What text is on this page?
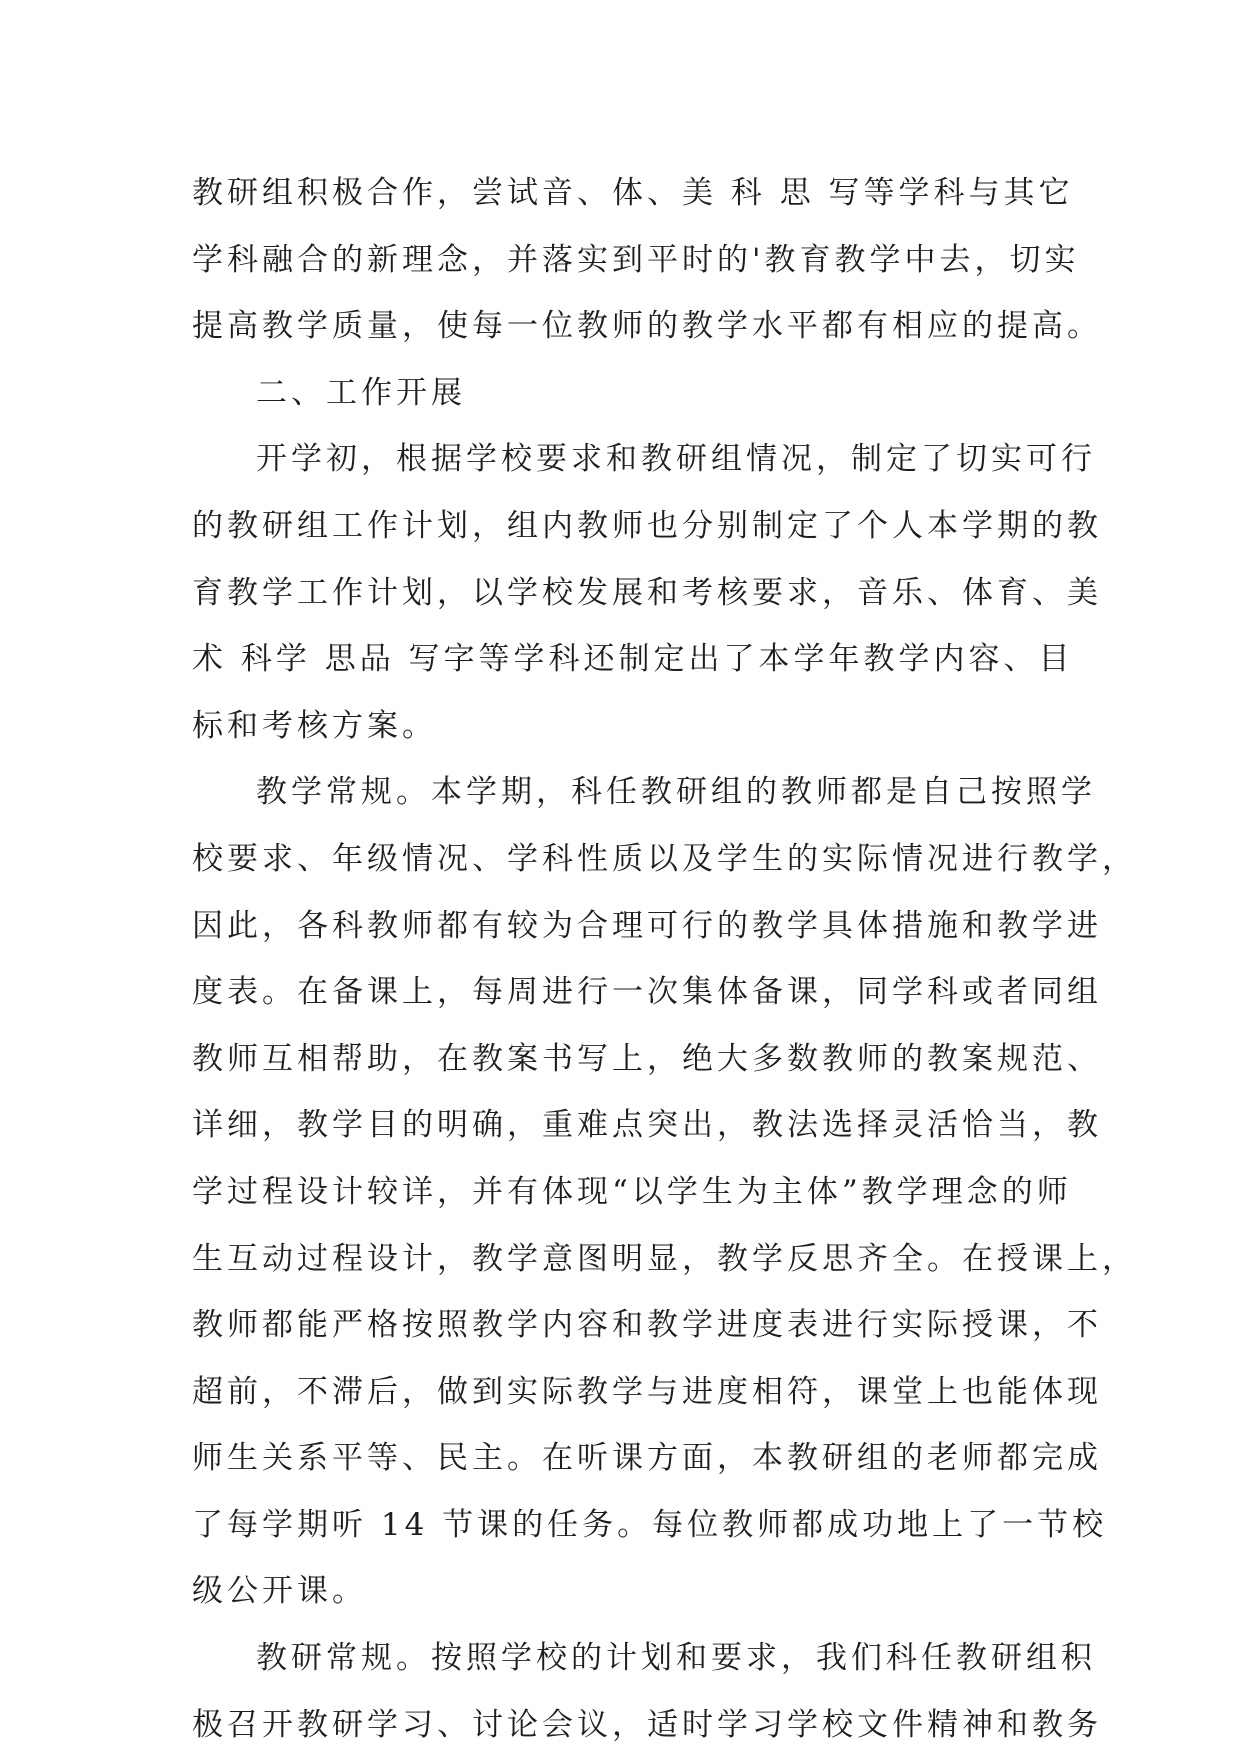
教研组积极合作，尝试音、体、美 科 思 写等学科与其它
学科融合的新理念，并落实到平时的'教育教学中去，切实
提高教学质量，使每一位教师的教学水平都有相应的提高。
二、工作开展
开学初，根据学校要求和教研组情况，制定了切实可行
的教研组工作计划，组内教师也分别制定了个人本学期的教
育教学工作计划，以学校发展和考核要求，音乐、体育、美
术 科学 思品 写字等学科还制定出了本学年教学内容、目
标和考核方案。
教学常规。本学期，科任教研组的教师都是自己按照学
校要求、年级情况、学科性质以及学生的实际情况进行教学，
因此，各科教师都有较为合理可行的教学具体措施和教学进
度表。在备课上，每周进行一次集体备课，同学科或者同组
教师互相帮助，在教案书写上，绝大多数教师的教案规范、
详细，教学目的明确，重难点突出，教法选择灵活恰当，教
学过程设计较详，并有体现“以学生为主体”教学理念的师
生互动过程设计，教学意图明显，教学反思齐全。在授课上，
教师都能严格按照教学内容和教学进度表进行实际授课，不
超前，不滞后，做到实际教学与进度相符，课堂上也能体现
师生关系平等、民主。在听课方面，本教研组的老师都完成
了每学期听 14 节课的任务。每位教师都成功地上了一节校
级公开课。
教研常规。按照学校的计划和要求，我们科任教研组积
极召开教研学习、讨论会议，适时学习学校文件精神和教务
